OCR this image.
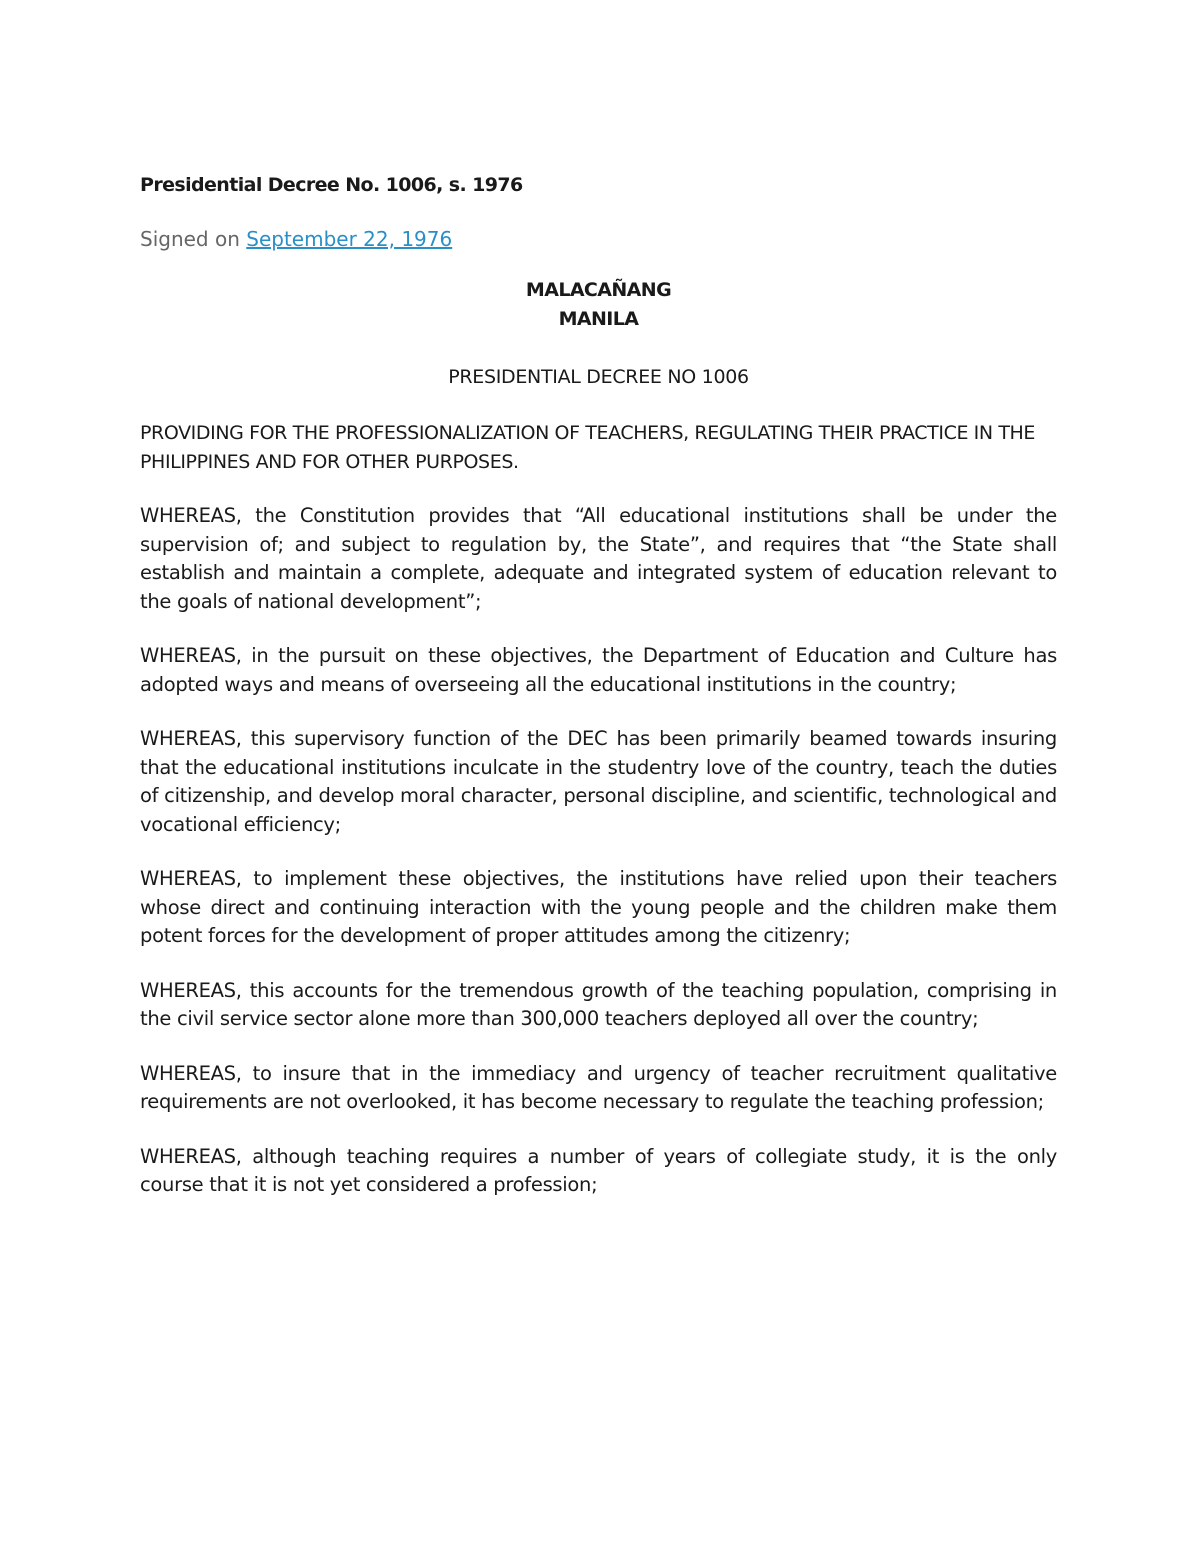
Presidential Decree No. 1006, s. 1976
Signed on September 22, 1976
MALACAÑANG
MANILA
PRESIDENTIAL DECREE NO 1006
PROVIDING FOR THE PROFESSIONALIZATION OF TEACHERS, REGULATING THEIR PRACTICE IN THE PHILIPPINES AND FOR OTHER PURPOSES.
WHEREAS, the Constitution provides that “All educational institutions shall be under the supervision of; and subject to regulation by, the State”, and requires that “the State shall establish and maintain a complete, adequate and integrated system of education relevant to the goals of national development”;
WHEREAS, in the pursuit on these objectives, the Department of Education and Culture has adopted ways and means of overseeing all the educational institutions in the country;
WHEREAS, this supervisory function of the DEC has been primarily beamed towards insuring that the educational institutions inculcate in the studentry love of the country, teach the duties of citizenship, and develop moral character, personal discipline, and scientific, technological and vocational efficiency;
WHEREAS, to implement these objectives, the institutions have relied upon their teachers whose direct and continuing interaction with the young people and the children make them potent forces for the development of proper attitudes among the citizenry;
WHEREAS, this accounts for the tremendous growth of the teaching population, comprising in the civil service sector alone more than 300,000 teachers deployed all over the country;
WHEREAS, to insure that in the immediacy and urgency of teacher recruitment qualitative requirements are not overlooked, it has become necessary to regulate the teaching profession;
WHEREAS, although teaching requires a number of years of collegiate study, it is the only course that it is not yet considered a profession;
